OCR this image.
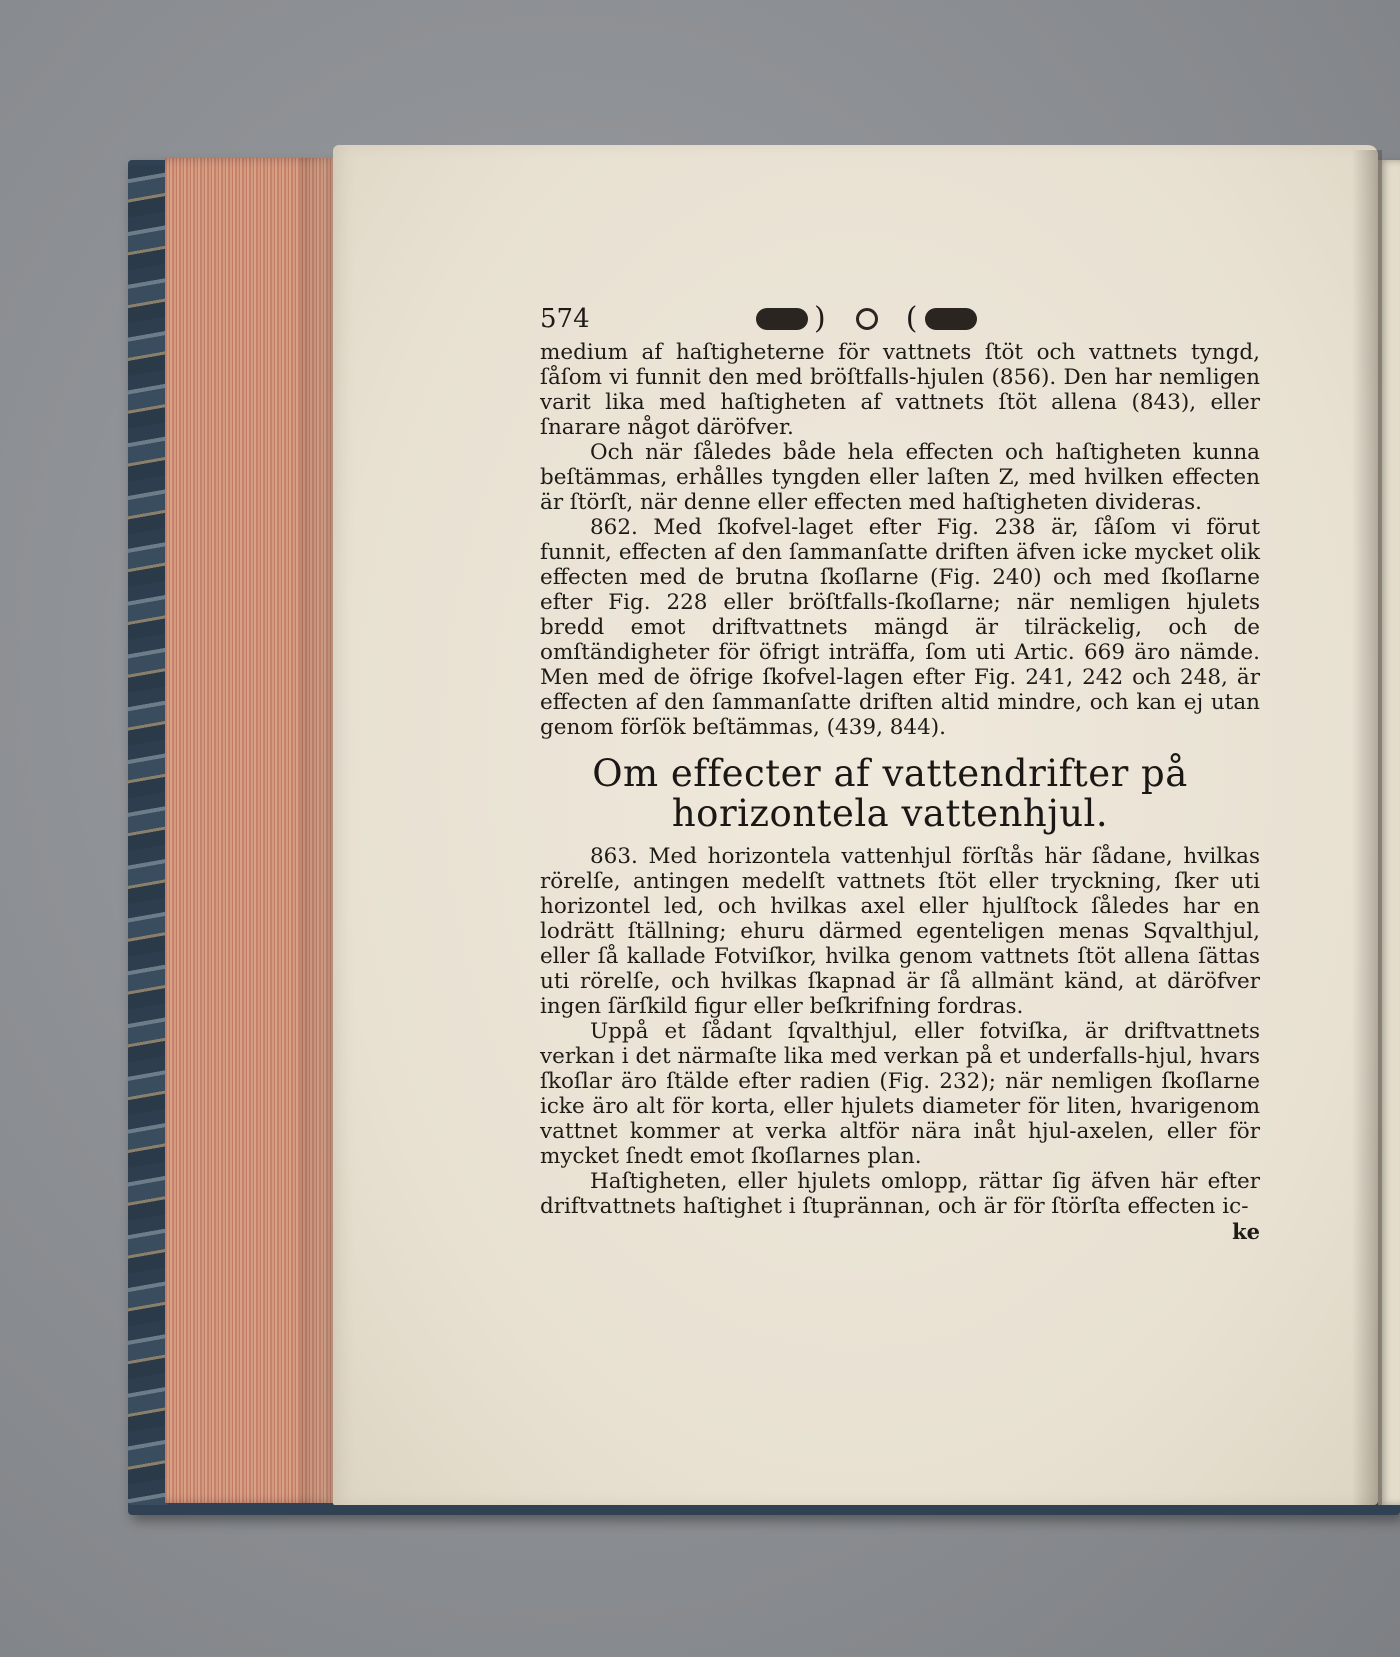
574	)	(

medium af haſtigheterne för vattnets ſtöt och vattnets tyngd, ſåſom vi funnit den med bröſtfalls-hjulen (856). Den har nemligen varit lika med haſtigheten af vattnets ſtöt allena (843), eller ſnarare något däröfver.

Och när ſåledes både hela effecten och haſtigheten kunna beſtämmas, erhålles tyngden eller laſten Z, med hvilken effecten är ſtörſt, när denne eller effecten med haſtigheten divideras.

862. Med ſkofvel-laget efter Fig. 238 är, ſåſom vi förut funnit, effecten af den ſammanſatte driften äfven icke mycket olik effecten med de brutna ſkoſlarne (Fig. 240) och med ſkoſlarne efter Fig. 228 eller bröſtfalls-ſkoſlarne; när nemligen hjulets bredd emot driftvattnets mängd är tilräckelig, och de omſtändigheter för öfrigt inträffa, ſom uti Artic. 669 äro nämde. Men med de öfrige ſkofvel-lagen efter Fig. 241, 242 och 248, är effecten af den ſammanſatte driften altid mindre, och kan ej utan genom förſök beſtämmas, (439, 844).

Om effecter af vattendrifter på horizontela vattenhjul.

863. Med horizontela vattenhjul förſtås här ſådane, hvilkas rörelſe, antingen medelſt vattnets ſtöt eller tryckning, ſker uti horizontel led, och hvilkas axel eller hjulſtock ſåledes har en lodrätt ſtällning; ehuru därmed egenteligen menas Sqvalthjul, eller ſå kallade Fotviſkor, hvilka genom vattnets ſtöt allena ſättas uti rörelſe, och hvilkas ſkapnad är ſå allmänt känd, at däröfver ingen ſärſkild figur eller beſkrifning fordras.

Uppå et ſådant ſqvalthjul, eller fotviſka, är driftvattnets verkan i det närmaſte lika med verkan på et underfalls-hjul, hvars ſkoſlar äro ſtälde efter radien (Fig. 232); när nemligen ſkoſlarne icke äro alt för korta, eller hjulets diameter för liten, hvarigenom vattnet kommer at verka altför nära inåt hjul-axelen, eller för mycket ſnedt emot ſkoſlarnes plan.

Haſtigheten, eller hjulets omlopp, rättar ſig äfven här efter driftvattnets haſtighet i ſtuprännan, och är för ſtörſta effecten ic-

ke
